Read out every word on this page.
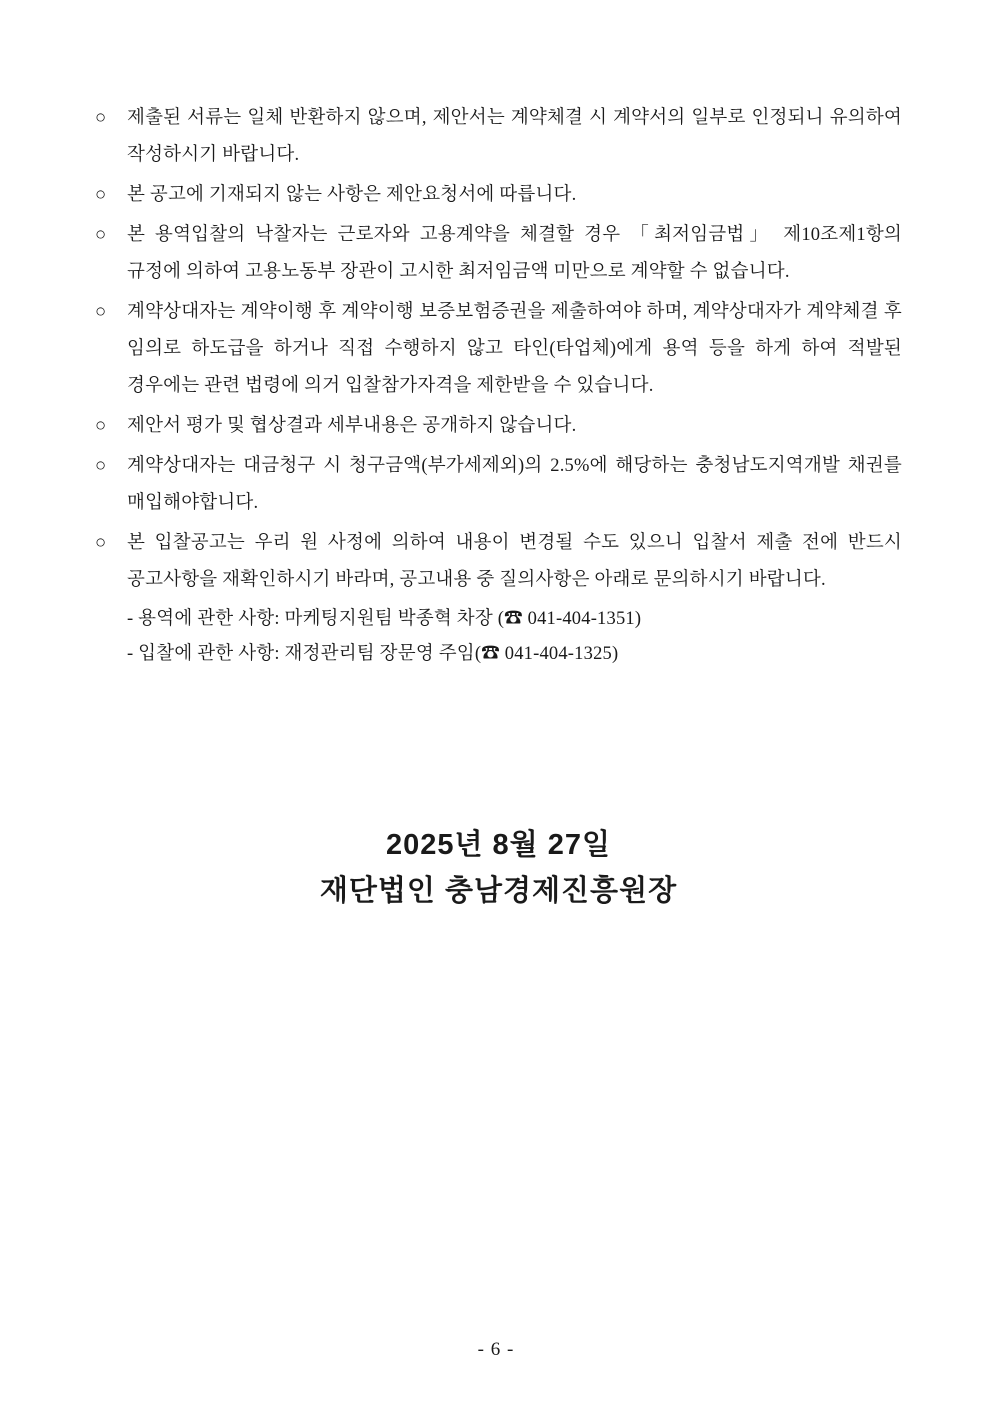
○	제출된 서류는 일체 반환하지 않으며, 제안서는 계약체결 시 계약서의 일부로 인정되니 유의하여 작성하시기 바랍니다.
○	본 공고에 기재되지 않는 사항은 제안요청서에 따릅니다.
○	본 용역입찰의 낙찰자는 근로자와 고용계약을 체결할 경우 「최저임금법」 제10조제1항의 규정에 의하여 고용노동부 장관이 고시한 최저임금액 미만으로 계약할 수 없습니다.
○	계약상대자는 계약이행 후 계약이행 보증보험증권을 제출하여야 하며, 계약상대자가 계약체결 후 임의로 하도급을 하거나 직접 수행하지 않고 타인(타업체)에게 용역 등을 하게 하여 적발된 경우에는 관련 법령에 의거 입찰참가자격을 제한받을 수 있습니다.
○	제안서 평가 및 협상결과 세부내용은 공개하지 않습니다.
○	계약상대자는 대금청구 시 청구금액(부가세제외)의 2.5%에 해당하는 충청남도지역개발 채권를 매입해야합니다.
○	본 입찰공고는 우리 원 사정에 의하여 내용이 변경될 수도 있으니 입찰서 제출 전에 반드시 공고사항을 재확인하시기 바라며, 공고내용 중 질의사항은 아래로 문의하시기 바랍니다.
- 용역에 관한 사항: 마케팅지원팀 박종혁 차장 (☎ 041-404-1351)
- 입찰에 관한 사항: 재정관리팀 장문영 주임(☎ 041-404-1325)
2025년 8월 27일
재단법인 충남경제진흥원장
- 6 -
